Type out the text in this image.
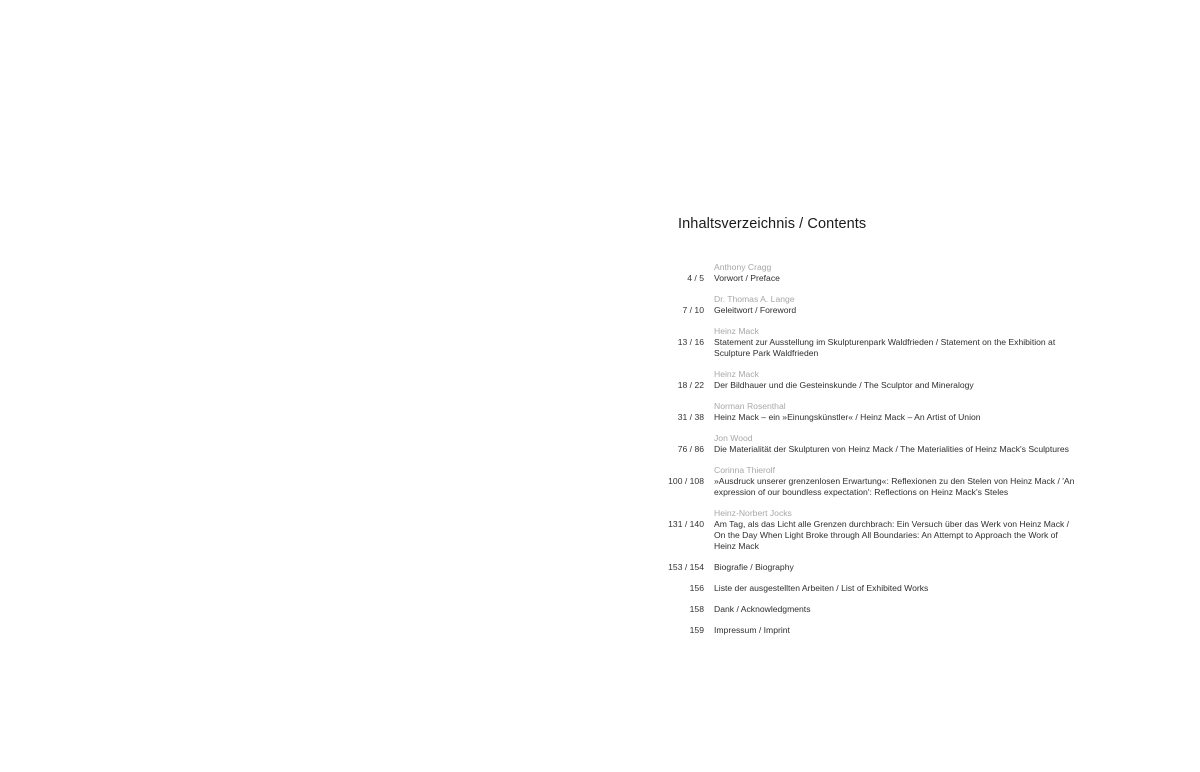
Inhaltsverzeichnis / Contents
Anthony Cragg
4 / 5 Vorwort / Preface
Dr. Thomas A. Lange
7 / 10 Geleitwort / Foreword
Heinz Mack
13 / 16 Statement zur Ausstellung im Skulpturenpark Waldfrieden / Statement on the Exhibition at Sculpture Park Waldfrieden
Heinz Mack
18 / 22 Der Bildhauer und die Gesteinskunde / The Sculptor and Mineralogy
Norman Rosenthal
31 / 38 Heinz Mack – ein »Einungskünstler« / Heinz Mack – An Artist of Union
Jon Wood
76 / 86 Die Materialität der Skulpturen von Heinz Mack / The Materialities of Heinz Mack's Sculptures
Corinna Thierolf
100 / 108 »Ausdruck unserer grenzenlosen Erwartung«: Reflexionen zu den Stelen von Heinz Mack / 'An expression of our boundless expectation': Reflections on Heinz Mack's Steles
Heinz-Norbert Jocks
131 / 140 Am Tag, als das Licht alle Grenzen durchbrach: Ein Versuch über das Werk von Heinz Mack / On the Day When Light Broke through All Boundaries: An Attempt to Approach the Work of Heinz Mack
153 / 154 Biografie / Biography
156 Liste der ausgestellten Arbeiten / List of Exhibited Works
158 Dank / Acknowledgments
159 Impressum / Imprint
